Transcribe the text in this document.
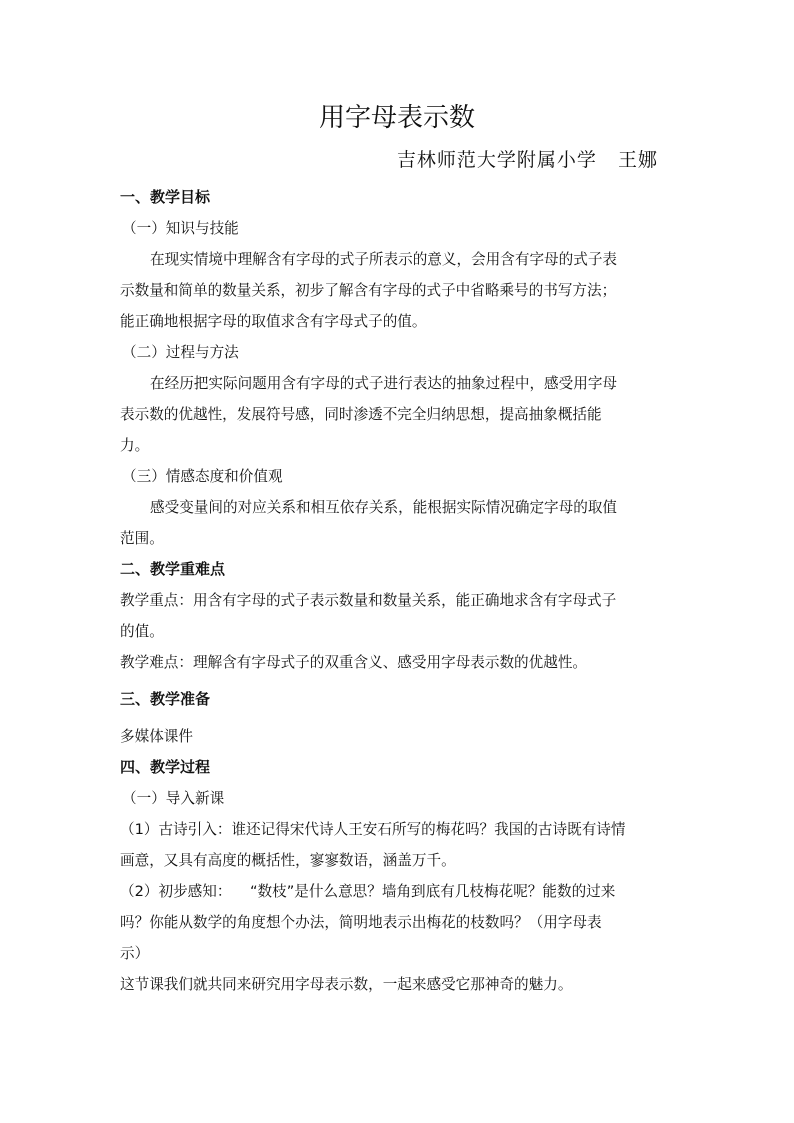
用字母表示数

吉林师范大学附属小学   王娜

一、教学目标

（一）知识与技能

在现实情境中理解含有字母的式子所表示的意义，会用含有字母的式子表

示数量和简单的数量关系，初步了解含有字母的式子中省略乘号的书写方法；

能正确地根据字母的取值求含有字母式子的值。

（二）过程与方法

在经历把实际问题用含有字母的式子进行表达的抽象过程中，感受用字母

表示数的优越性，发展符号感，同时渗透不完全归纳思想，提高抽象概括能

力。

（三）情感态度和价值观

感受变量间的对应关系和相互依存关系，能根据实际情况确定字母的取值

范围。

二、教学重难点

教学重点：用含有字母的式子表示数量和数量关系，能正确地求含有字母式子

的值。

教学难点：理解含有字母式子的双重含义、感受用字母表示数的优越性。

三、教学准备

多媒体课件

四、教学过程

（一）导入新课

（1）古诗引入：谁还记得宋代诗人王安石所写的梅花吗？我国的古诗既有诗情

画意，又具有高度的概括性，寥寥数语，涵盖万千。

（2）初步感知：    “数枝”是什么意思？墙角到底有几枝梅花呢？能数的过来

吗？你能从数学的角度想个办法，简明地表示出梅花的枝数吗？（用字母表

示）

这节课我们就共同来研究用字母表示数，一起来感受它那神奇的魅力。
